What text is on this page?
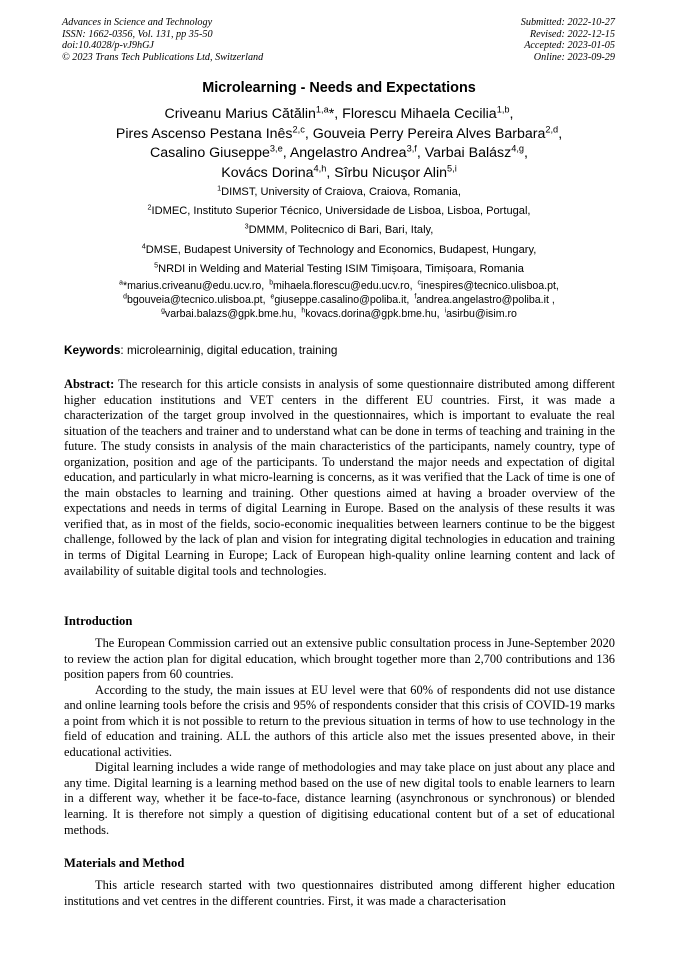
Advances in Science and Technology
ISSN: 1662-0356, Vol. 131, pp 35-50
doi:10.4028/p-vJ9hGJ
© 2023 Trans Tech Publications Ltd, Switzerland
Submitted: 2022-10-27
Revised: 2022-12-15
Accepted: 2023-01-05
Online: 2023-09-29
Microlearning - Needs and Expectations
Criveanu Marius Cătălin$^{1,a}$*, Florescu Mihaela Cecilia$^{1,b}$,
Pires Ascenso Pestana Inês$^{2,c}$, Gouveia Perry Pereira Alves Barbara$^{2,d}$,
Casalino Giuseppe$^{3,e}$, Angelastro Andrea$^{3,f}$, Varbai Balász$^{4,g}$,
Kovács Dorina$^{4,h}$, Sîrbu Nicușor Alin$^{5,i}$
$^1$DIMST, University of Craiova, Craiova, Romania,
$^2$IDMEC, Instituto Superior Técnico, Universidade de Lisboa, Lisboa, Portugal,
$^3$DMMM, Politecnico di Bari, Bari, Italy,
$^4$DMSE, Budapest University of Technology and Economics, Budapest, Hungary,
$^5$NRDI in Welding and Material Testing ISIM Timișoara, Timișoara, Romania
$^a$*marius.criveanu@edu.ucv.ro, $^b$mihaela.florescu@edu.ucv.ro, $^c$inespires@tecnico.ulisboa.pt,
$^d$bgouveia@tecnico.ulisboa.pt, $^e$giuseppe.casalino@poliba.it, $^f$andrea.angelastro@poliba.it ,
$^g$varbai.balazs@gpk.bme.hu, $^h$kovacs.dorina@gpk.bme.hu, $^i$asirbu@isim.ro
Keywords: microlearninig, digital education, training
Abstract: The research for this article consists in analysis of some questionnaire distributed among different higher education institutions and VET centers in the different EU countries. First, it was made a characterization of the target group involved in the questionnaires, which is important to evaluate the real situation of the teachers and trainer and to understand what can be done in terms of teaching and training in the future. The study consists in analysis of the main characteristics of the participants, namely country, type of organization, position and age of the participants. To understand the major needs and expectation of digital education, and particularly in what micro-learning is concerns, as it was verified that the Lack of time is one of the main obstacles to learning and training. Other questions aimed at having a broader overview of the expectations and needs in terms of digital Learning in Europe. Based on the analysis of these results it was verified that, as in most of the fields, socio-economic inequalities between learners continue to be the biggest challenge, followed by the lack of plan and vision for integrating digital technologies in education and training in terms of Digital Learning in Europe; Lack of European high-quality online learning content and lack of availability of suitable digital tools and technologies.
Introduction

The European Commission carried out an extensive public consultation process in June-September 2020 to review the action plan for digital education, which brought together more than 2,700 contributions and 136 position papers from 60 countries.

According to the study, the main issues at EU level were that 60% of respondents did not use distance and online learning tools before the crisis and 95% of respondents consider that this crisis of COVID-19 marks a point from which it is not possible to return to the previous situation in terms of how to use technology in the field of education and training. ALL the authors of this article also met the issues presented above, in their educational activities.

Digital learning includes a wide range of methodologies and may take place on just about any place and any time. Digital learning is a learning method based on the use of new digital tools to enable learners to learn in a different way, whether it be face-to-face, distance learning (asynchronous or synchronous) or blended learning. It is therefore not simply a question of digitising educational content but of a set of educational methods.

Materials and Method

This article research started with two questionnaires distributed among different higher education institutions and vet centres in the different countries. First, it was made a characterisation
